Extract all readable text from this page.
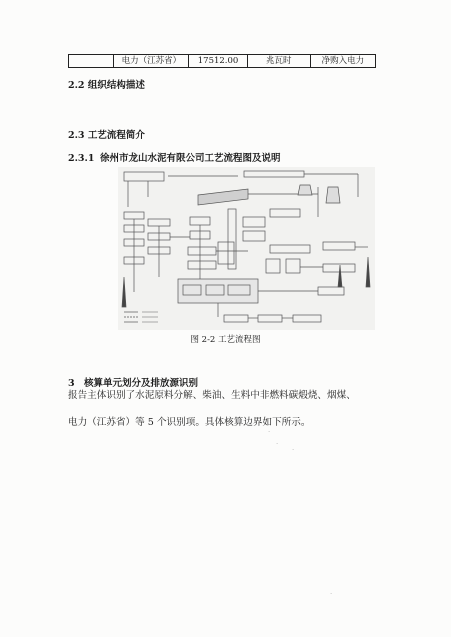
电力（江苏省）	17512.00	兆瓦时	净购入电力
2.2 组织结构描述
2.3 工艺流程简介
2.3.1 徐州市龙山水泥有限公司工艺流程图及说明
图 2-2 工艺流程图
3 核算单元划分及排放源识别
报告主体识别了水泥原料分解、柴油、生料中非燃料碳煅烧、烟煤、
电力（江苏省）等 5 个识别项。具体核算边界如下所示。
·
·
·
·
